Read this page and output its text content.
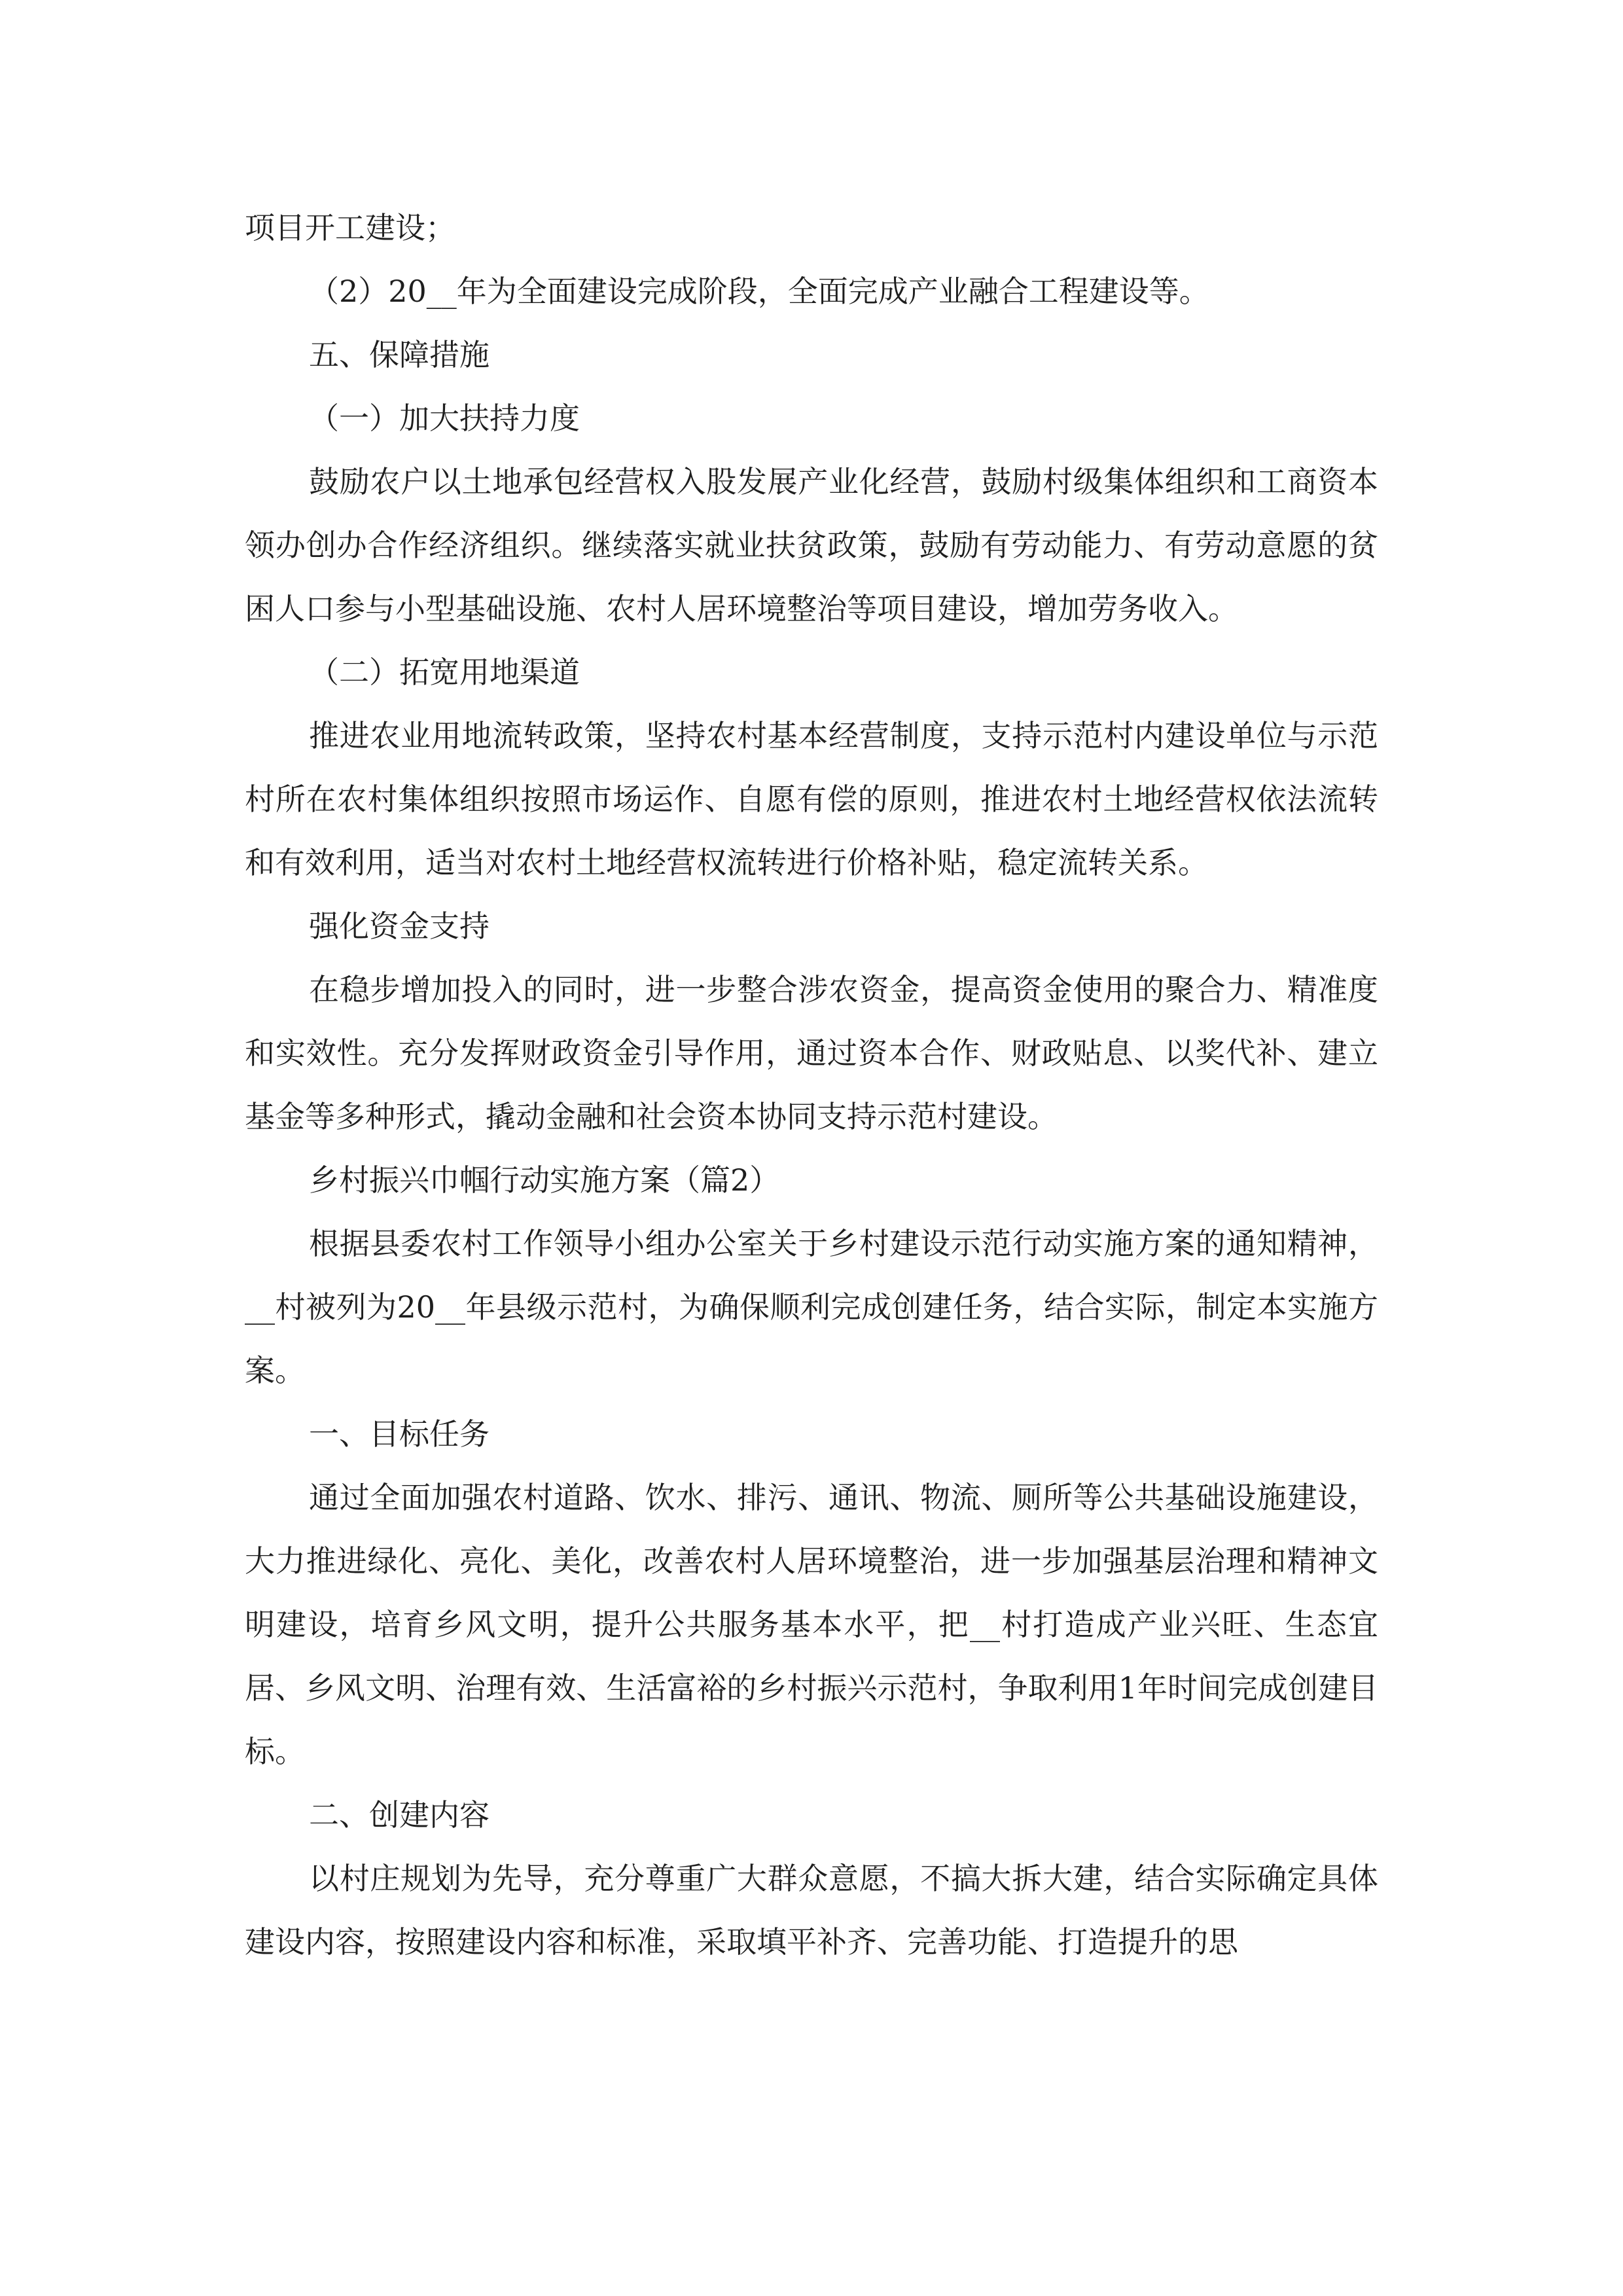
项目开工建设；

（2）20__年为全面建设完成阶段，全面完成产业融合工程建设等。

五、保障措施

（一）加大扶持力度

鼓励农户以土地承包经营权入股发展产业化经营，鼓励村级集体组织和工商资本领办创办合作经济组织。继续落实就业扶贫政策，鼓励有劳动能力、有劳动意愿的贫困人口参与小型基础设施、农村人居环境整治等项目建设，增加劳务收入。

（二）拓宽用地渠道

推进农业用地流转政策，坚持农村基本经营制度，支持示范村内建设单位与示范村所在农村集体组织按照市场运作、自愿有偿的原则，推进农村土地经营权依法流转和有效利用，适当对农村土地经营权流转进行价格补贴，稳定流转关系。

强化资金支持

在稳步增加投入的同时，进一步整合涉农资金，提高资金使用的聚合力、精准度和实效性。充分发挥财政资金引导作用，通过资本合作、财政贴息、以奖代补、建立基金等多种形式，撬动金融和社会资本协同支持示范村建设。

乡村振兴巾帼行动实施方案（篇2）

根据县委农村工作领导小组办公室关于乡村建设示范行动实施方案的通知精神，__村被列为20__年县级示范村，为确保顺利完成创建任务，结合实际，制定本实施方案。

一、目标任务

通过全面加强农村道路、饮水、排污、通讯、物流、厕所等公共基础设施建设，大力推进绿化、亮化、美化，改善农村人居环境整治，进一步加强基层治理和精神文明建设，培育乡风文明，提升公共服务基本水平，把__村打造成产业兴旺、生态宜居、乡风文明、治理有效、生活富裕的乡村振兴示范村，争取利用1年时间完成创建目标。

二、创建内容

以村庄规划为先导，充分尊重广大群众意愿，不搞大拆大建，结合实际确定具体建设内容，按照建设内容和标准，采取填平补齐、完善功能、打造提升的思
